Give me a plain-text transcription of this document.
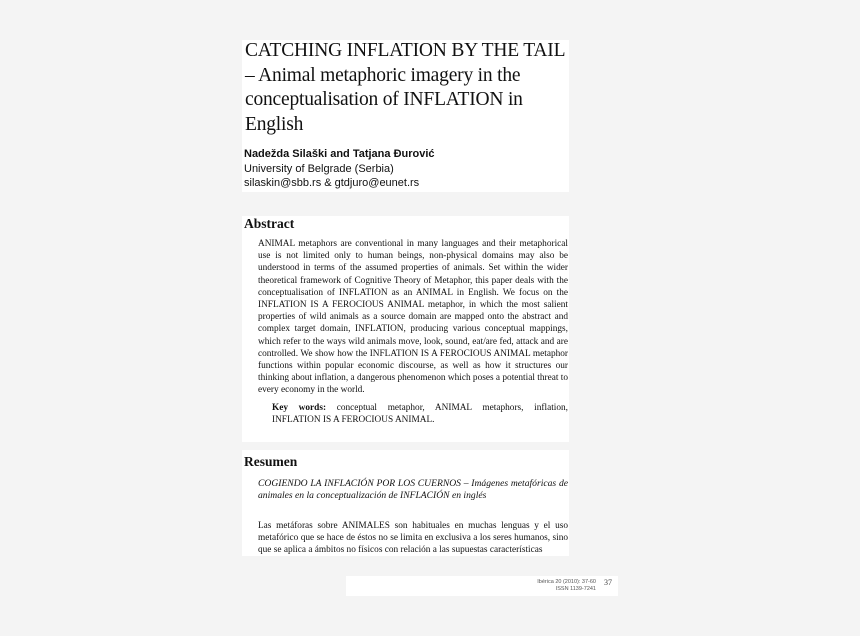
CATCHING INFLATION BY THE TAIL – Animal metaphoric imagery in the conceptualisation of INFLATION in English
Nadežda Silaški and Tatjana Đurović
University of Belgrade (Serbia)
silaskin@sbb.rs & gtdjuro@eunet.rs
Abstract

ANIMAL metaphors are conventional in many languages and their metaphorical use is not limited only to human beings, non-physical domains may also be understood in terms of the assumed properties of animals. Set within the wider theoretical framework of Cognitive Theory of Metaphor, this paper deals with the conceptualisation of INFLATION as an ANIMAL in English. We focus on the INFLATION IS A FEROCIOUS ANIMAL metaphor, in which the most salient properties of wild animals as a source domain are mapped onto the abstract and complex target domain, INFLATION, producing various conceptual mappings, which refer to the ways wild animals move, look, sound, eat/are fed, attack and are controlled. We show how the INFLATION IS A FEROCIOUS ANIMAL metaphor functions within popular economic discourse, as well as how it structures our thinking about inflation, a dangerous phenomenon which poses a potential threat to every economy in the world.

Key words: conceptual metaphor, ANIMAL metaphors, inflation, INFLATION IS A FEROCIOUS ANIMAL.

Resumen

COGIENDO LA INFLACIÓN POR LOS CUERNOS – Imágenes metafóricas de animales en la conceptualización de INFLACIÓN en inglés

Las metáforas sobre ANIMALES son habituales en muchas lenguas y el uso metafórico que se hace de éstos no se limita en exclusiva a los seres humanos, sino que se aplica a ámbitos no físicos con relación a las supuestas características

Ibérica 20 (2010): 37-60
ISSN 1139-7241
37
